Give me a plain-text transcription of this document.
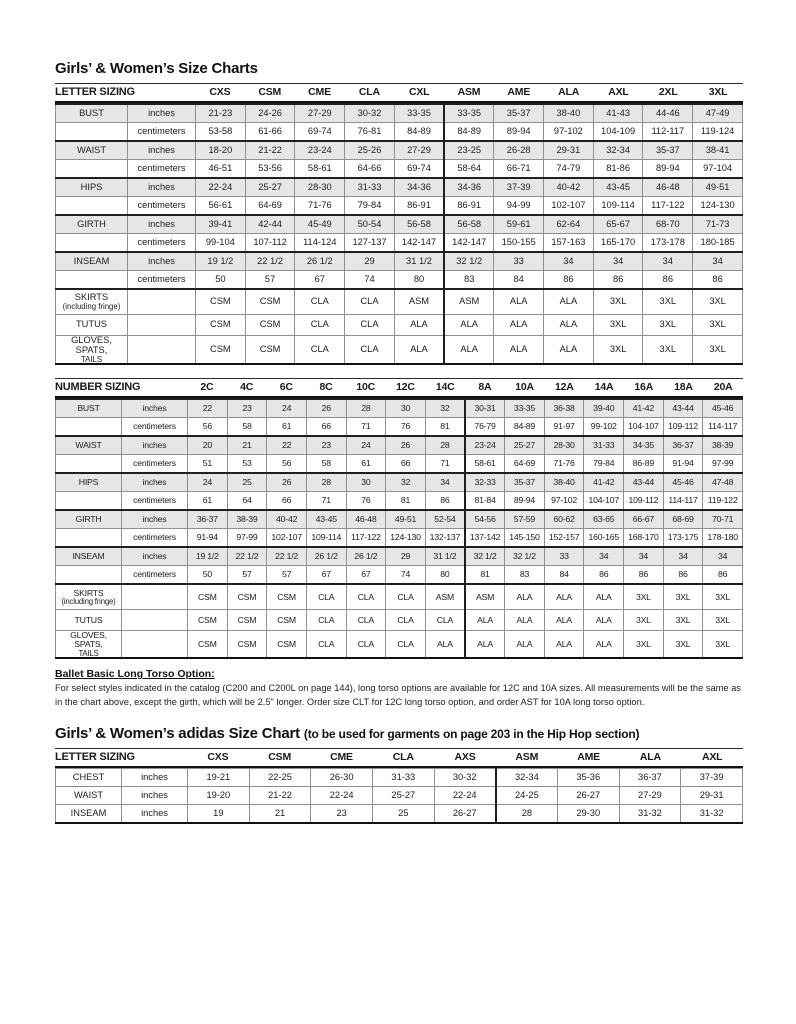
Girls’ & Women’s Size Charts
LETTER SIZING	CXS	CSM	CME	CLA	CXL	ASM	AME	ALA	AXL	2XL	3XL
BUST	inches	21-23	24-26	27-29	30-32	33-35	33-35	35-37	38-40	41-43	44-46	47-49
	centimeters	53-58	61-66	69-74	76-81	84-89	84-89	89-94	97-102	104-109	112-117	119-124
WAIST	inches	18-20	21-22	23-24	25-26	27-29	23-25	26-28	29-31	32-34	35-37	38-41
	centimeters	46-51	53-56	58-61	64-66	69-74	58-64	66-71	74-79	81-86	89-94	97-104
HIPS	inches	22-24	25-27	28-30	31-33	34-36	34-36	37-39	40-42	43-45	46-48	49-51
	centimeters	56-61	64-69	71-76	79-84	86-91	86-91	94-99	102-107	109-114	117-122	124-130
GIRTH	inches	39-41	42-44	45-49	50-54	56-58	56-58	59-61	62-64	65-67	68-70	71-73
	centimeters	99-104	107-112	114-124	127-137	142-147	142-147	150-155	157-163	165-170	173-178	180-185
INSEAM	inches	19 1/2	22 1/2	26 1/2	29	31 1/2	32 1/2	33	34	34	34	34
	centimeters	50	57	67	74	80	83	84	86	86	86	86
SKIRTS
(including fringe)		CSM	CSM	CLA	CLA	ASM	ASM	ALA	ALA	3XL	3XL	3XL
TUTUS		CSM	CSM	CLA	CLA	ALA	ALA	ALA	ALA	3XL	3XL	3XL
GLOVES, SPATS,
TAILS		CSM	CSM	CLA	CLA	ALA	ALA	ALA	ALA	3XL	3XL	3XL
NUMBER SIZING	2C	4C	6C	8C	10C	12C	14C	8A	10A	12A	14A	16A	18A	20A
BUST	inches	22	23	24	26	28	30	32	30-31	33-35	36-38	39-40	41-42	43-44	45-46
	centimeters	56	58	61	66	71	76	81	76-79	84-89	91-97	99-102	104-107	109-112	114-117
WAIST	inches	20	21	22	23	24	26	28	23-24	25-27	28-30	31-33	34-35	36-37	38-39
	centimeters	51	53	56	58	61	66	71	58-61	64-69	71-76	79-84	86-89	91-94	97-99
HIPS	inches	24	25	26	28	30	32	34	32-33	35-37	38-40	41-42	43-44	45-46	47-48
	centimeters	61	64	66	71	76	81	86	81-84	89-94	97-102	104-107	109-112	114-117	119-122
GIRTH	inches	36-37	38-39	40-42	43-45	46-48	49-51	52-54	54-56	57-59	60-62	63-65	66-67	68-69	70-71
	centimeters	91-94	97-99	102-107	109-114	117-122	124-130	132-137	137-142	145-150	152-157	160-165	168-170	173-175	178-180
INSEAM	inches	19 1/2	22 1/2	22 1/2	26 1/2	26 1/2	29	31 1/2	32 1/2	32 1/2	33	34	34	34	34
	centimeters	50	57	57	67	67	74	80	81	83	84	86	86	86	86
SKIRTS
(including fringe)		CSM	CSM	CSM	CLA	CLA	CLA	ASM	ASM	ALA	ALA	ALA	3XL	3XL	3XL
TUTUS		CSM	CSM	CSM	CLA	CLA	CLA	CLA	ALA	ALA	ALA	ALA	3XL	3XL	3XL
GLOVES, SPATS,
TAILS		CSM	CSM	CSM	CLA	CLA	CLA	ALA	ALA	ALA	ALA	ALA	3XL	3XL	3XL

Ballet Basic Long Torso Option:

For select styles indicated in the catalog (C200 and C200L on page 144), long torso options are available for 12C and 10A sizes. All measurements will be the same as in the chart above, except the girth, which will be 2.5" longer. Order size CLT for 12C long torso option, and order AST for 10A long torso option.

Girls’ & Women’s adidas Size Chart (to be used for garments on page 203 in the Hip Hop section)
LETTER SIZING	CXS	CSM	CME	CLA	AXS	ASM	AME	ALA	AXL
CHEST	inches	19-21	22-25	26-30	31-33	30-32	32-34	35-36	36-37	37-39
WAIST	inches	19-20	21-22	22-24	25-27	22-24	24-25	26-27	27-29	29-31
INSEAM	inches	19	21	23	25	26-27	28	29-30	31-32	31-32
